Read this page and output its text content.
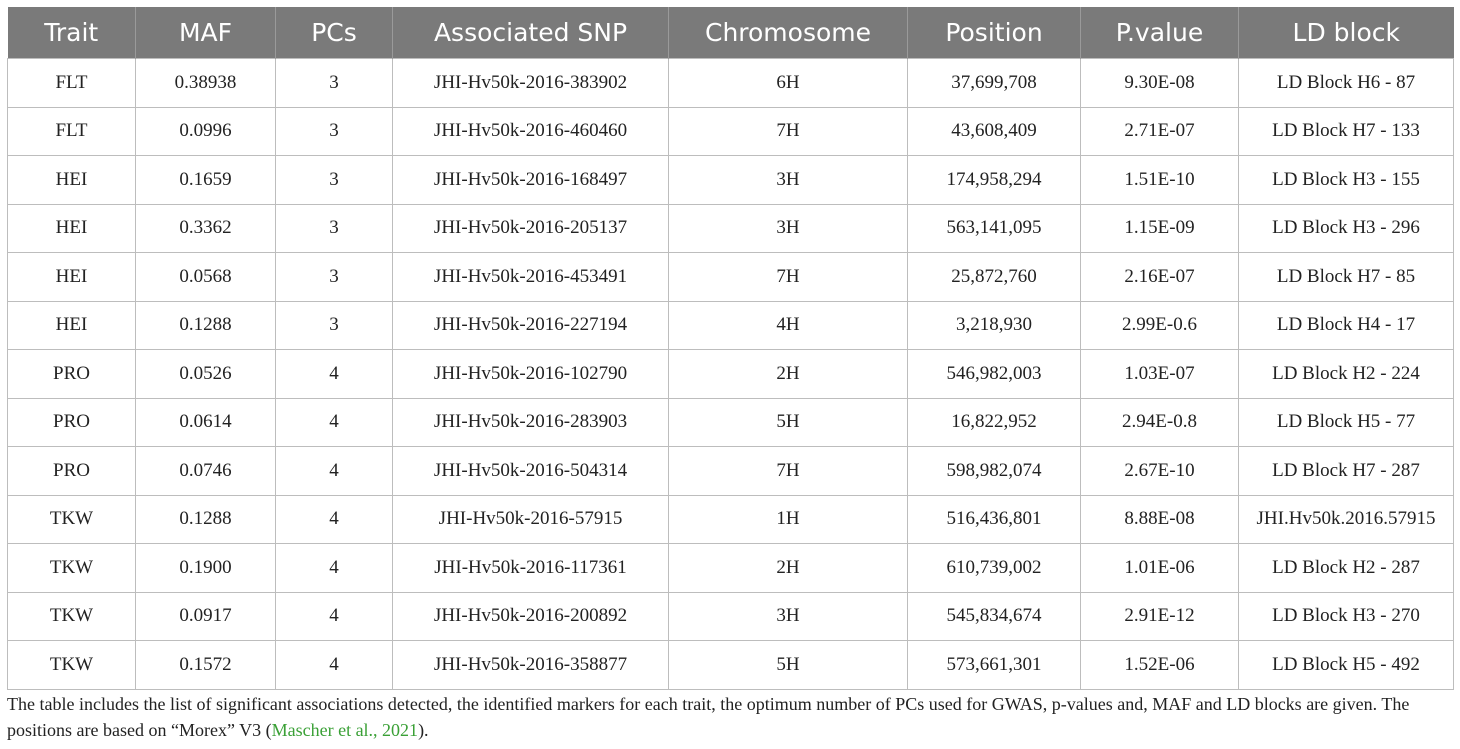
Trait	MAF	PCs	Associated SNP	Chromosome	Position	P.value	LD block
FLT	0.38938	3	JHI-Hv50k-2016-383902	6H	37,699,708	9.30E-08	LD Block H6 - 87
FLT	0.0996	3	JHI-Hv50k-2016-460460	7H	43,608,409	2.71E-07	LD Block H7 - 133
HEI	0.1659	3	JHI-Hv50k-2016-168497	3H	174,958,294	1.51E-10	LD Block H3 - 155
HEI	0.3362	3	JHI-Hv50k-2016-205137	3H	563,141,095	1.15E-09	LD Block H3 - 296
HEI	0.0568	3	JHI-Hv50k-2016-453491	7H	25,872,760	2.16E-07	LD Block H7 - 85
HEI	0.1288	3	JHI-Hv50k-2016-227194	4H	3,218,930	2.99E-0.6	LD Block H4 - 17
PRO	0.0526	4	JHI-Hv50k-2016-102790	2H	546,982,003	1.03E-07	LD Block H2 - 224
PRO	0.0614	4	JHI-Hv50k-2016-283903	5H	16,822,952	2.94E-0.8	LD Block H5 - 77
PRO	0.0746	4	JHI-Hv50k-2016-504314	7H	598,982,074	2.67E-10	LD Block H7 - 287
TKW	0.1288	4	JHI-Hv50k-2016-57915	1H	516,436,801	8.88E-08	JHI.Hv50k.2016.57915
TKW	0.1900	4	JHI-Hv50k-2016-117361	2H	610,739,002	1.01E-06	LD Block H2 - 287
TKW	0.0917	4	JHI-Hv50k-2016-200892	3H	545,834,674	2.91E-12	LD Block H3 - 270
TKW	0.1572	4	JHI-Hv50k-2016-358877	5H	573,661,301	1.52E-06	LD Block H5 - 492
The table includes the list of significant associations detected, the identified markers for each trait, the optimum number of PCs used for GWAS, p-values and, MAF and LD blocks are given. The positions are based on “Morex” V3 (Mascher et al., 2021).
